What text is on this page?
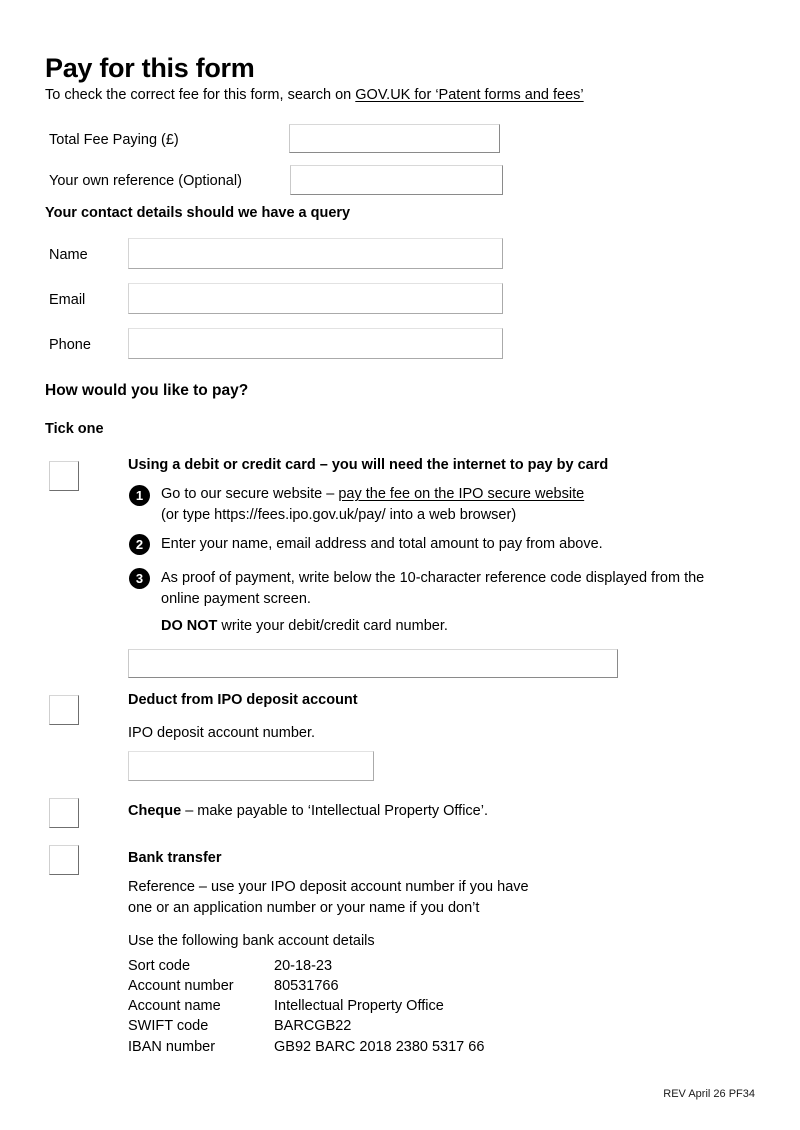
Pay for this form
To check the correct fee for this form, search on GOV.UK for ‘Patent forms and fees’
Total Fee Paying (£)
Your own reference (Optional)
Your contact details should we have a query
Name
Email
Phone
How would you like to pay?
Tick one
Using a debit or credit card – you will need the internet to pay by card
1	Go to our secure website – pay the fee on the IPO secure website
(or type https://fees.ipo.gov.uk/pay/ into a web browser)
2	Enter your name, email address and total amount to pay from above.
3	As proof of payment, write below the 10-character reference code displayed from the online payment screen.
DO NOT write your debit/credit card number.
Deduct from IPO deposit account
IPO deposit account number.
Cheque – make payable to ‘Intellectual Property Office’.
Bank transfer
Reference – use your IPO deposit account number if you have
one or an application number or your name if you don’t
Use the following bank account details
Sort code	20-18-23
Account number	80531766
Account name	Intellectual Property Office
SWIFT code	BARCGB22
IBAN number	GB92 BARC 2018 2380 5317 66
REV April 26 PF34
